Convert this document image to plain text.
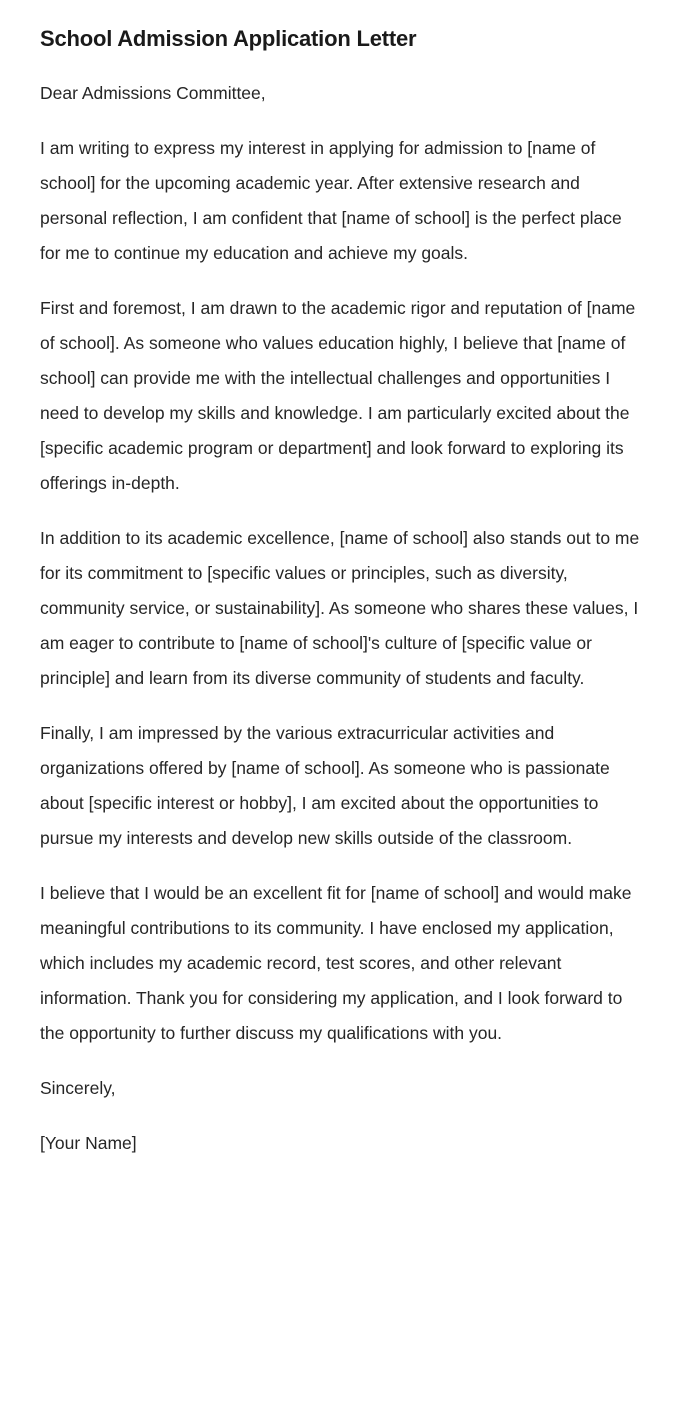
School Admission Application Letter

Dear Admissions Committee,

I am writing to express my interest in applying for admission to [name of school] for the upcoming academic year. After extensive research and personal reflection, I am confident that [name of school] is the perfect place for me to continue my education and achieve my goals.

First and foremost, I am drawn to the academic rigor and reputation of [name of school]. As someone who values education highly, I believe that [name of school] can provide me with the intellectual challenges and opportunities I need to develop my skills and knowledge. I am particularly excited about the [specific academic program or department] and look forward to exploring its offerings in-depth.

In addition to its academic excellence, [name of school] also stands out to me for its commitment to [specific values or principles, such as diversity, community service, or sustainability]. As someone who shares these values, I am eager to contribute to [name of school]'s culture of [specific value or principle] and learn from its diverse community of students and faculty.

Finally, I am impressed by the various extracurricular activities and organizations offered by [name of school]. As someone who is passionate about [specific interest or hobby], I am excited about the opportunities to pursue my interests and develop new skills outside of the classroom.

I believe that I would be an excellent fit for [name of school] and would make meaningful contributions to its community. I have enclosed my application, which includes my academic record, test scores, and other relevant information. Thank you for considering my application, and I look forward to the opportunity to further discuss my qualifications with you.

Sincerely,

[Your Name]
